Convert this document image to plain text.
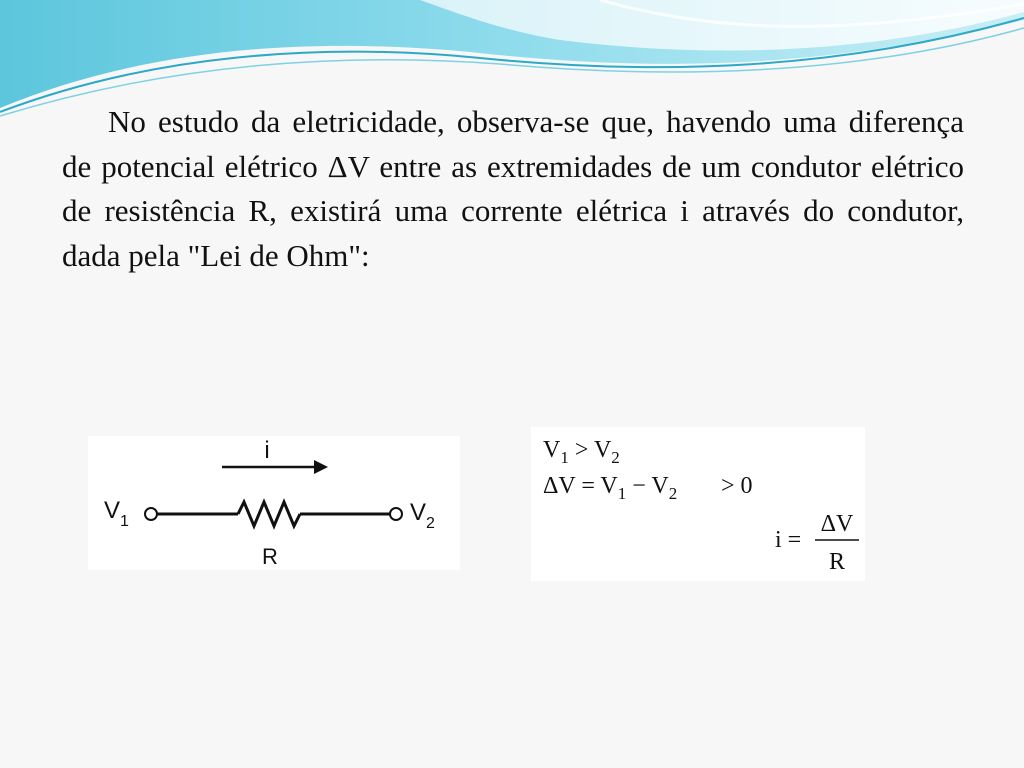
No estudo da eletricidade, observa-se que, havendo uma diferença de potencial elétrico ΔV entre as extremidades de um condutor elétrico de resistência R, existirá uma corrente elétrica i através do condutor, dada pela "Lei de Ohm":
i
$V_1$	$V_2$
R
$V_1 > V_2$
$\Delta V = V_1 - V_2 > 0$
i =
ΔV
R
